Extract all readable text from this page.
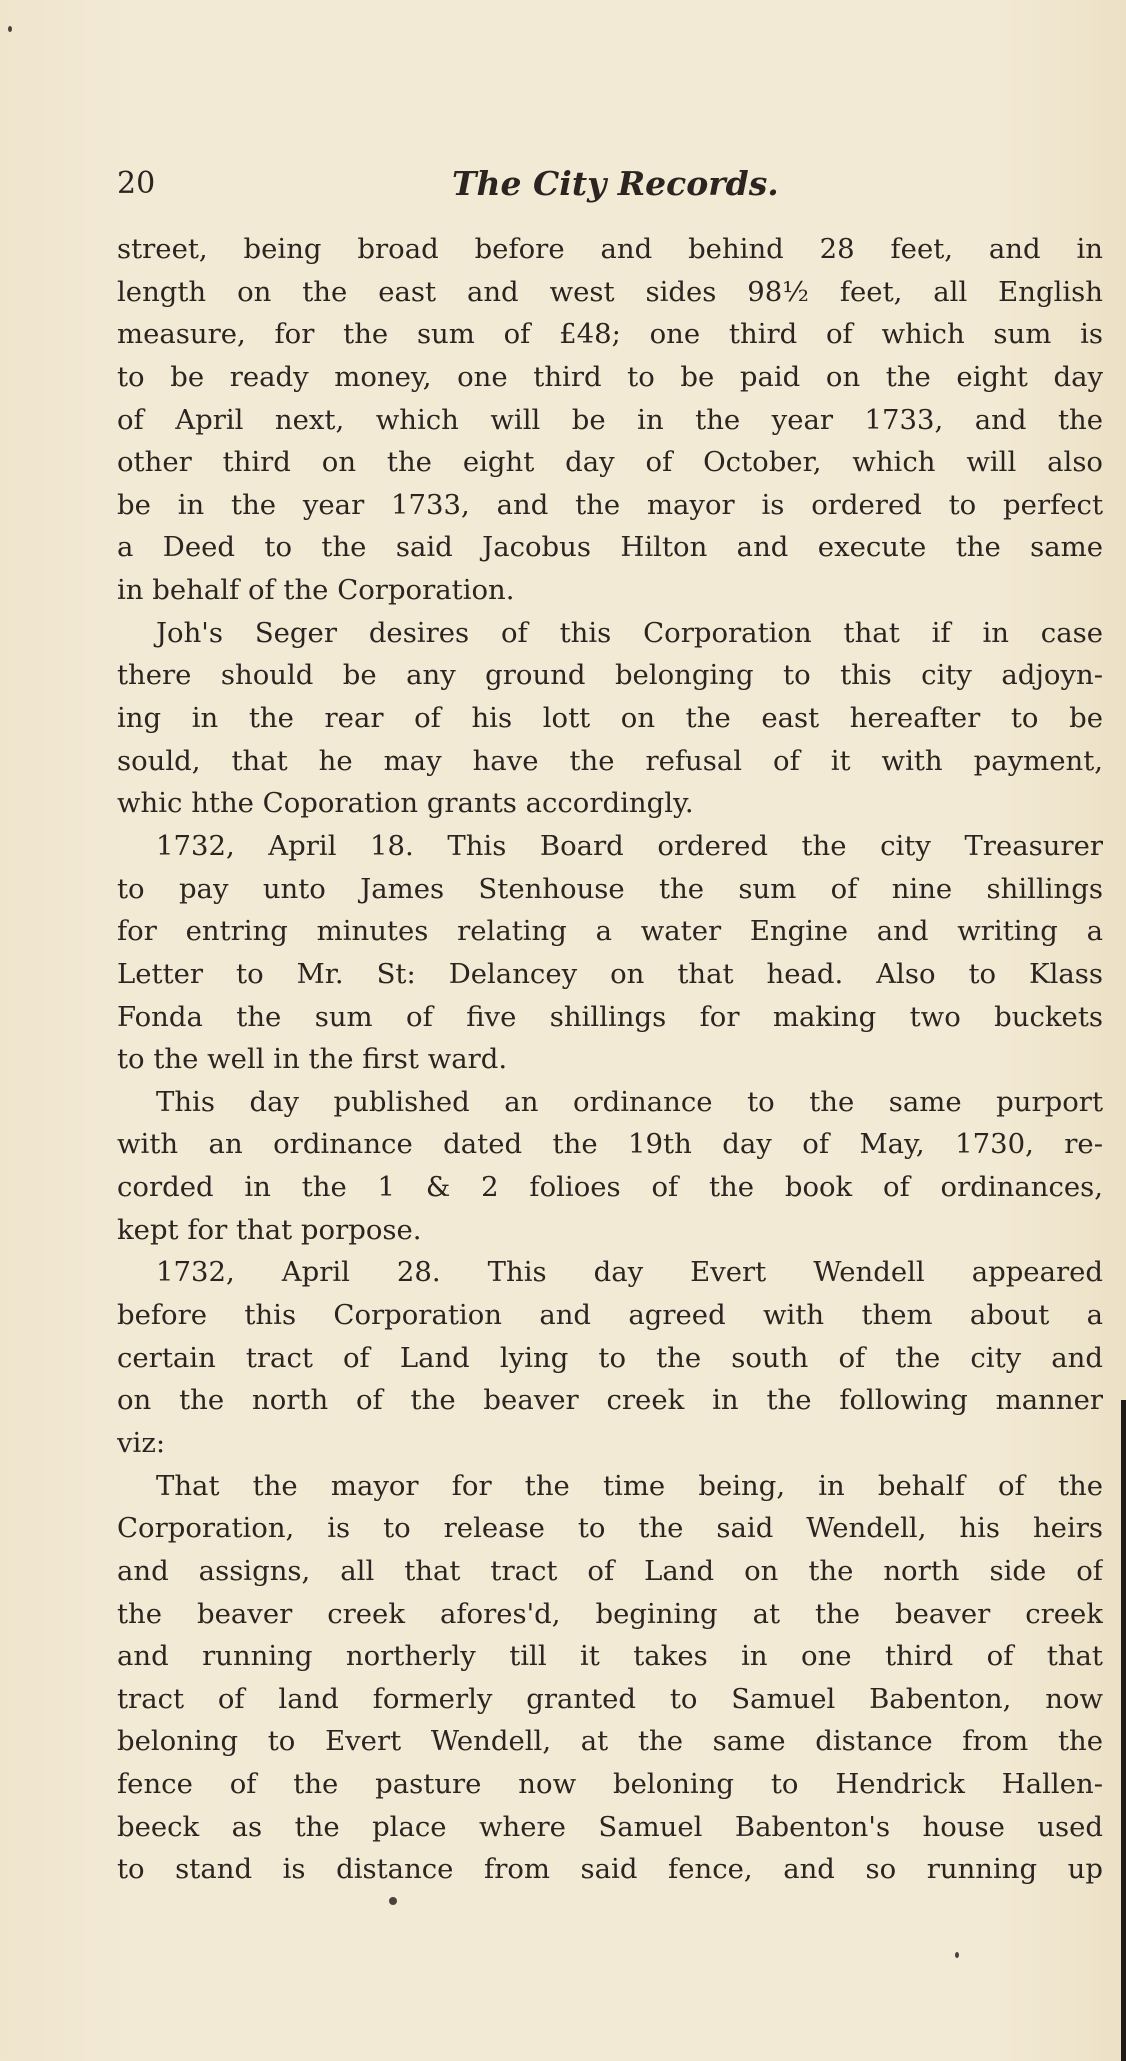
20	The City Records.
street, being broad before and behind 28 feet, and in
length on the east and west sides 98½ feet, all English
measure, for the sum of £48; one third of which sum is
to be ready money, one third to be paid on the eight day
of April next, which will be in the year 1733, and the
other third on the eight day of October, which will also
be in the year 1733, and the mayor is ordered to perfect
a Deed to the said Jacobus Hilton and execute the same
in behalf of the Corporation.
Joh's Seger desires of this Corporation that if in case
there should be any ground belonging to this city adjoyn-
ing in the rear of his lott on the east hereafter to be
sould, that he may have the refusal of it with payment,
whic hthe Coporation grants accordingly.
1732, April 18. This Board ordered the city Treasurer
to pay unto James Stenhouse the sum of nine shillings
for entring minutes relating a water Engine and writing a
Letter to Mr. St: Delancey on that head. Also to Klass
Fonda the sum of five shillings for making two buckets
to the well in the first ward.
This day published an ordinance to the same purport
with an ordinance dated the 19th day of May, 1730, re-
corded in the 1 & 2 folioes of the book of ordinances,
kept for that porpose.
1732, April 28. This day Evert Wendell appeared
before this Corporation and agreed with them about a
certain tract of Land lying to the south of the city and
on the north of the beaver creek in the following manner
viz:
That the mayor for the time being, in behalf of the
Corporation, is to release to the said Wendell, his heirs
and assigns, all that tract of Land on the north side of
the beaver creek afores'd, begining at the beaver creek
and running northerly till it takes in one third of that
tract of land formerly granted to Samuel Babenton, now
beloning to Evert Wendell, at the same distance from the
fence of the pasture now beloning to Hendrick Hallen-
beeck as the place where Samuel Babenton's house used
to stand is distance from said fence, and so running up
